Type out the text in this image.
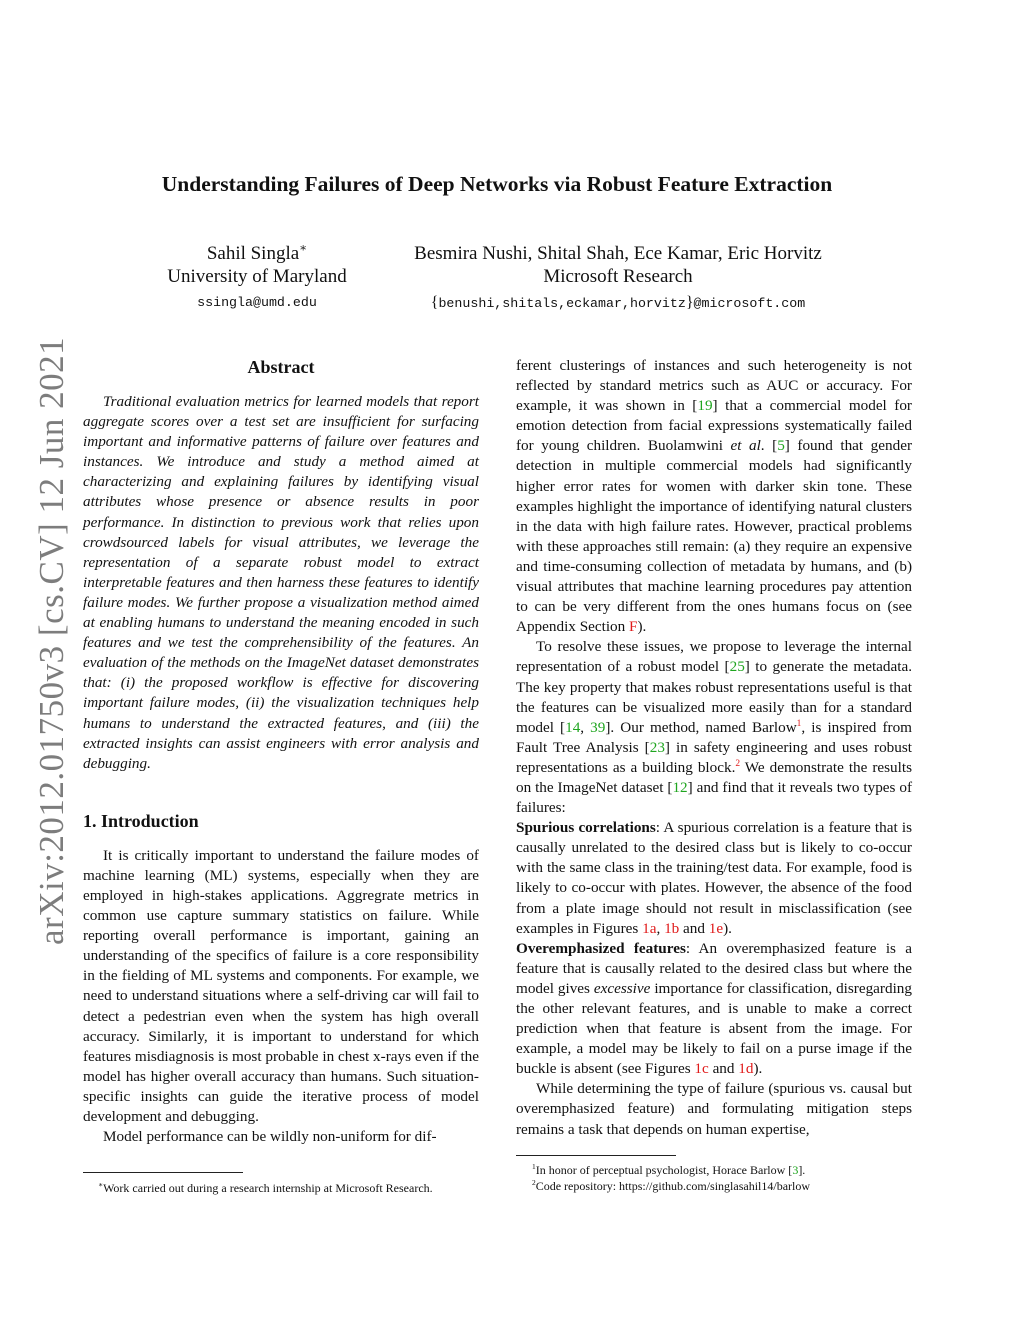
arXiv:2012.01750v3 [cs.CV] 12 Jun 2021
Understanding Failures of Deep Networks via Robust Feature Extraction
Sahil Singla∗
University of Maryland
ssingla@umd.edu
Besmira Nushi, Shital Shah, Ece Kamar, Eric Horvitz
Microsoft Research
{benushi,shitals,eckamar,horvitz}@microsoft.com
Abstract

Traditional evaluation metrics for learned models that report aggregate scores over a test set are insufficient for surfacing important and informative patterns of failure over features and instances. We introduce and study a method aimed at characterizing and explaining failures by identifying visual attributes whose presence or absence results in poor performance. In distinction to previous work that relies upon crowdsourced labels for visual attributes, we leverage the representation of a separate robust model to extract interpretable features and then harness these features to identify failure modes. We further propose a visualization method aimed at enabling humans to understand the meaning encoded in such features and we test the comprehensibility of the features. An evaluation of the methods on the ImageNet dataset demonstrates that: (i) the proposed workflow is effective for discovering important failure modes, (ii) the visualization techniques help humans to understand the extracted features, and (iii) the extracted insights can assist engineers with error analysis and debugging.

1. Introduction

It is critically important to understand the failure modes of machine learning (ML) systems, especially when they are employed in high-stakes applications. Aggregrate metrics in common use capture summary statistics on failure. While reporting overall performance is important, gaining an understanding of the specifics of failure is a core responsibility in the fielding of ML systems and components. For example, we need to understand situations where a self-driving car will fail to detect a pedestrian even when the system has high overall accuracy. Similarly, it is important to understand for which features misdiagnosis is most probable in chest x-rays even if the model has higher overall accuracy than humans. Such situation-specific insights can guide the iterative process of model development and debugging.

Model performance can be wildly non-uniform for dif-

ferent clusterings of instances and such heterogeneity is not reflected by standard metrics such as AUC or accuracy. For example, it was shown in [19] that a commercial model for emotion detection from facial expressions systematically failed for young children. Buolamwini et al. [5] found that gender detection in multiple commercial models had significantly higher error rates for women with darker skin tone. These examples highlight the importance of identifying natural clusters in the data with high failure rates. However, practical problems with these approaches still remain: (a) they require an expensive and time-consuming collection of metadata by humans, and (b) visual attributes that machine learning procedures pay attention to can be very different from the ones humans focus on (see Appendix Section F).

To resolve these issues, we propose to leverage the internal representation of a robust model [25] to generate the metadata. The key property that makes robust representations useful is that the features can be visualized more easily than for a standard model [14, 39]. Our method, named Barlow$^1$, is inspired from Fault Tree Analysis [23] in safety engineering and uses robust representations as a building block.$^2$ We demonstrate the results on the ImageNet dataset [12] and find that it reveals two types of failures:

Spurious correlations: A spurious correlation is a feature that is causally unrelated to the desired class but is likely to co-occur with the same class in the training/test data. For example, food is likely to co-occur with plates. However, the absence of the food from a plate image should not result in misclassification (see examples in Figures 1a, 1b and 1e).

Overemphasized features: An overemphasized feature is a feature that is causally related to the desired class but where the model gives excessive importance for classification, disregarding the other relevant features, and is unable to make a correct prediction when that feature is absent from the image. For example, a model may be likely to fail on a purse image if the buckle is absent (see Figures 1c and 1d).

While determining the type of failure (spurious vs. causal but overemphasized feature) and formulating mitigation steps remains a task that depends on human expertise,

∗Work carried out during a research internship at Microsoft Research.
$^1$In honor of perceptual psychologist, Horace Barlow [3].
$^2$Code repository: https://github.com/singlasahil14/barlow
